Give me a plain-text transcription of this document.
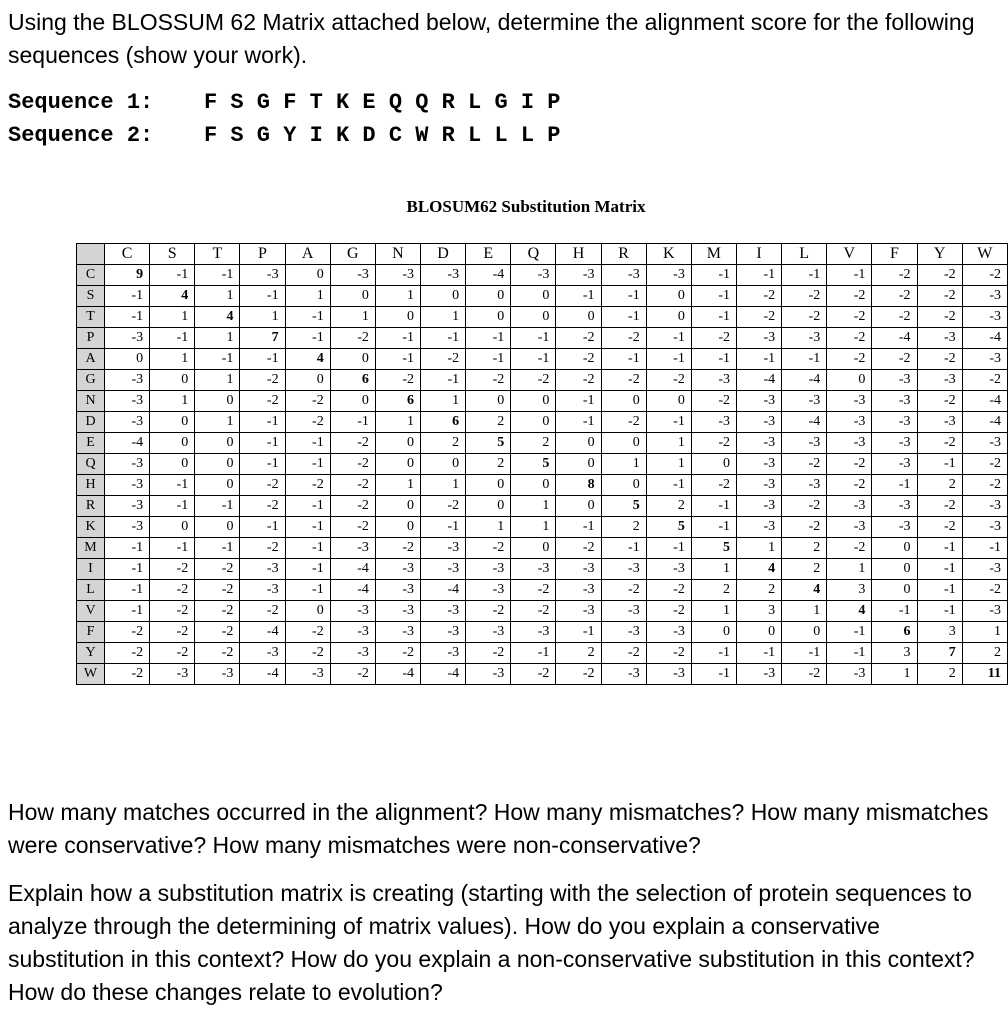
Using the BLOSSUM 62 Matrix attached below, determine the alignment score for the following sequences (show your work).

Sequence 1: F S G F T K E Q Q R L G I P
Sequence 2: F S G Y I K D C W R L L L P
BLOSUM62 Substitution Matrix
	C	S	T	P	A	G	N	D	E	Q	H	R	K	M	I	L	V	F	Y	W
C	9	-1	-1	-3	0	-3	-3	-3	-4	-3	-3	-3	-3	-1	-1	-1	-1	-2	-2	-2
S	-1	4	1	-1	1	0	1	0	0	0	-1	-1	0	-1	-2	-2	-2	-2	-2	-3
T	-1	1	4	1	-1	1	0	1	0	0	0	-1	0	-1	-2	-2	-2	-2	-2	-3
P	-3	-1	1	7	-1	-2	-1	-1	-1	-1	-2	-2	-1	-2	-3	-3	-2	-4	-3	-4
A	0	1	-1	-1	4	0	-1	-2	-1	-1	-2	-1	-1	-1	-1	-1	-2	-2	-2	-3
G	-3	0	1	-2	0	6	-2	-1	-2	-2	-2	-2	-2	-3	-4	-4	0	-3	-3	-2
N	-3	1	0	-2	-2	0	6	1	0	0	-1	0	0	-2	-3	-3	-3	-3	-2	-4
D	-3	0	1	-1	-2	-1	1	6	2	0	-1	-2	-1	-3	-3	-4	-3	-3	-3	-4
E	-4	0	0	-1	-1	-2	0	2	5	2	0	0	1	-2	-3	-3	-3	-3	-2	-3
Q	-3	0	0	-1	-1	-2	0	0	2	5	0	1	1	0	-3	-2	-2	-3	-1	-2
H	-3	-1	0	-2	-2	-2	1	1	0	0	8	0	-1	-2	-3	-3	-2	-1	2	-2
R	-3	-1	-1	-2	-1	-2	0	-2	0	1	0	5	2	-1	-3	-2	-3	-3	-2	-3
K	-3	0	0	-1	-1	-2	0	-1	1	1	-1	2	5	-1	-3	-2	-3	-3	-2	-3
M	-1	-1	-1	-2	-1	-3	-2	-3	-2	0	-2	-1	-1	5	1	2	-2	0	-1	-1
I	-1	-2	-2	-3	-1	-4	-3	-3	-3	-3	-3	-3	-3	1	4	2	1	0	-1	-3
L	-1	-2	-2	-3	-1	-4	-3	-4	-3	-2	-3	-2	-2	2	2	4	3	0	-1	-2
V	-1	-2	-2	-2	0	-3	-3	-3	-2	-2	-3	-3	-2	1	3	1	4	-1	-1	-3
F	-2	-2	-2	-4	-2	-3	-3	-3	-3	-3	-1	-3	-3	0	0	0	-1	6	3	1
Y	-2	-2	-2	-3	-2	-3	-2	-3	-2	-1	2	-2	-2	-1	-1	-1	-1	3	7	2
W	-2	-3	-3	-4	-3	-2	-4	-4	-3	-2	-2	-3	-3	-1	-3	-2	-3	1	2	11

How many matches occurred in the alignment? How many mismatches? How many mismatches were conservative? How many mismatches were non-conservative?

Explain how a substitution matrix is creating (starting with the selection of protein sequences to analyze through the determining of matrix values). How do you explain a conservative substitution in this context? How do you explain a non-conservative substitution in this context? How do these changes relate to evolution?
